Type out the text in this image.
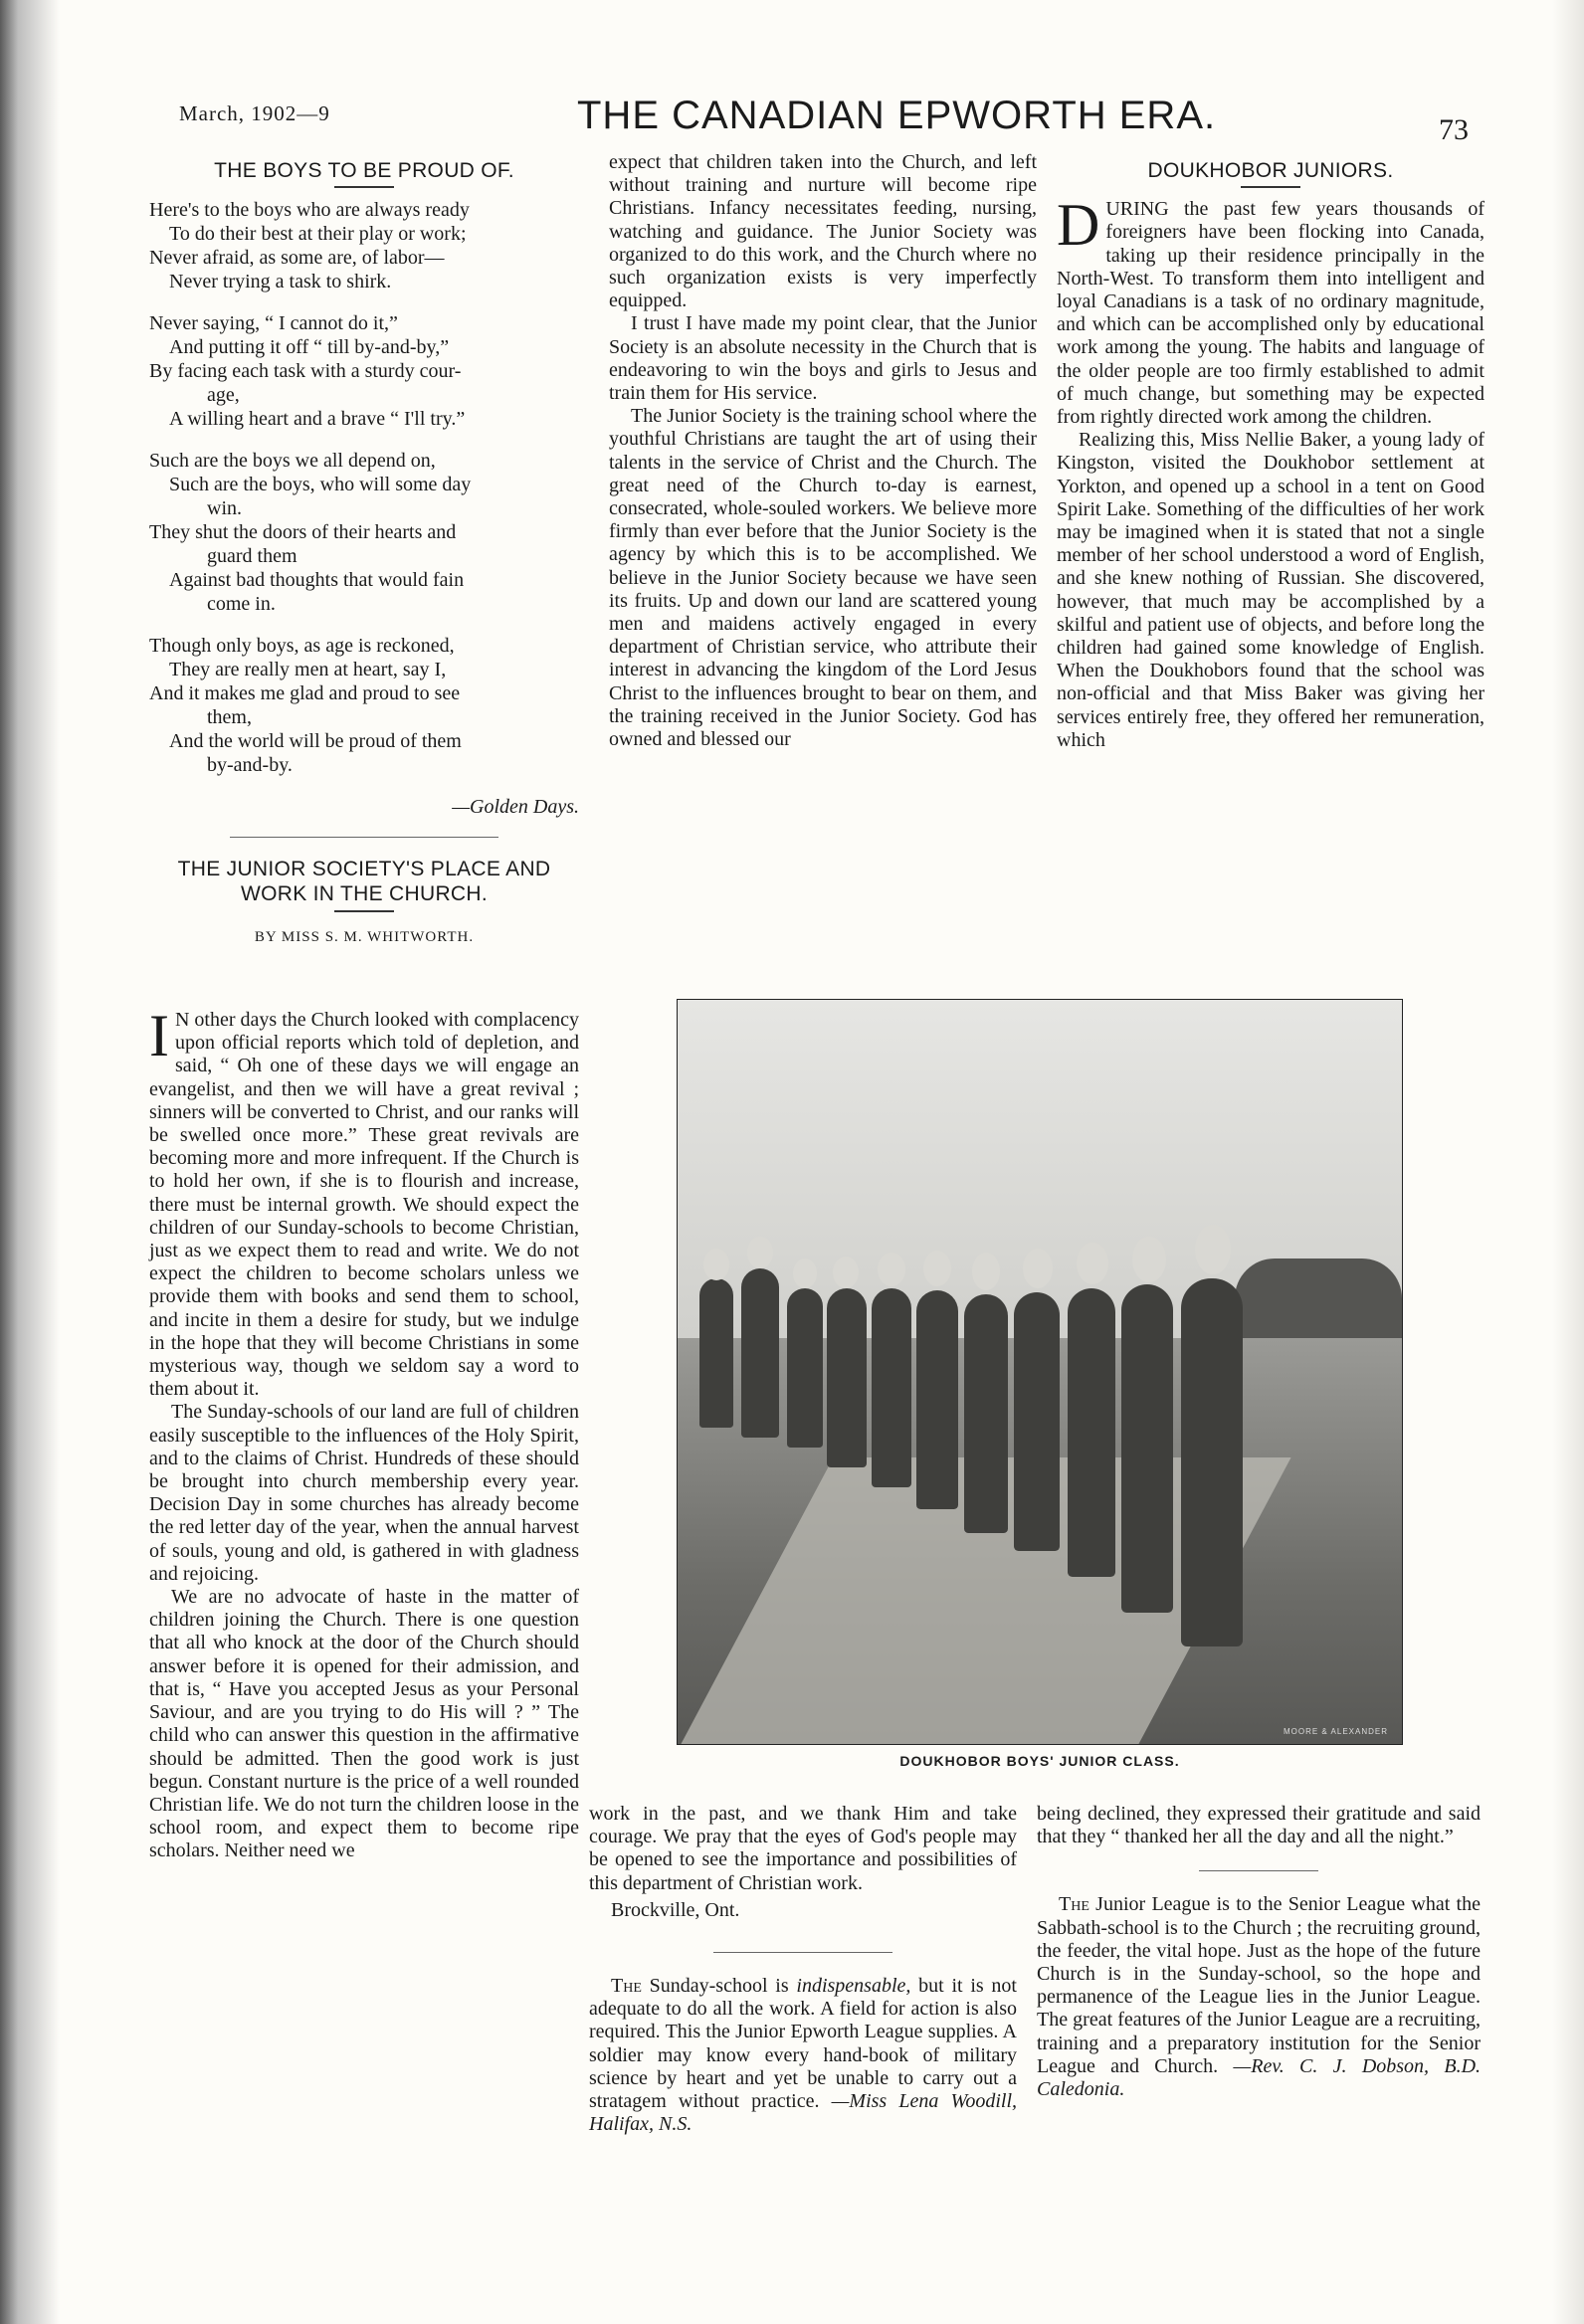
March, 1902—9	THE CANADIAN EPWORTH ERA.	73
THE BOYS TO BE PROUD OF.
Here's to the boys who are always ready
To do their best at their play or work;
Never afraid, as some are, of labor—
Never trying a task to shirk.
Never saying, “ I cannot do it,”
And putting it off “ till by-and-by,”
By facing each task with a sturdy cour-
age,
A willing heart and a brave “ I'll try.”
Such are the boys we all depend on,
Such are the boys, who will some day
win.
They shut the doors of their hearts and
guard them
Against bad thoughts that would fain
come in.
Though only boys, as age is reckoned,
They are really men at heart, say I,
And it makes me glad and proud to see
them,
And the world will be proud of them
by-and-by.
—Golden Days.
THE JUNIOR SOCIETY'S PLACE AND
WORK IN THE CHURCH.
BY MISS S. M. WHITWORTH.

I N other days the Church looked with complacency upon official reports which told of depletion, and said, “ Oh one of these days we will engage an evangelist, and then we will have a great revival ; sinners will be converted to Christ, and our ranks will be swelled once more.” These great revivals are becoming more and more infrequent. If the Church is to hold her own, if she is to flourish and increase, there must be internal growth. We should expect the children of our Sunday-schools to become Christian, just as we expect them to read and write. We do not expect the children to become scholars unless we provide them with books and send them to school, and incite in them a desire for study, but we indulge in the hope that they will become Christians in some mysterious way, though we seldom say a word to them about it.

The Sunday-schools of our land are full of children easily susceptible to the influences of the Holy Spirit, and to the claims of Christ. Hundreds of these should be brought into church membership every year. Decision Day in some churches has already become the red letter day of the year, when the annual harvest of souls, young and old, is gathered in with gladness and rejoicing.

We are no advocate of haste in the matter of children joining the Church. There is one question that all who knock at the door of the Church should answer before it is opened for their admission, and that is, “ Have you accepted Jesus as your Personal Saviour, and are you trying to do His will ? ” The child who can answer this question in the affirmative should be admitted. Then the good work is just begun. Constant nurture is the price of a well rounded Christian life. We do not turn the children loose in the school room, and expect them to become ripe scholars. Neither need we

expect that children taken into the Church, and left without training and nurture will become ripe Christians. Infancy necessitates feeding, nursing, watching and guidance. The Junior Society was organized to do this work, and the Church where no such organization exists is very imperfectly equipped.

I trust I have made my point clear, that the Junior Society is an absolute necessity in the Church that is endeavoring to win the boys and girls to Jesus and train them for His service.

The Junior Society is the training school where the youthful Christians are taught the art of using their talents in the service of Christ and the Church. The great need of the Church to-day is earnest, consecrated, whole-souled workers. We believe more firmly than ever before that the Junior Society is the agency by which this is to be accomplished. We believe in the Junior Society because we have seen its fruits. Up and down our land are scattered young men and maidens actively engaged in every department of Christian service, who attribute their interest in advancing the kingdom of the Lord Jesus Christ to the influences brought to bear on them, and the training received in the Junior Society. God has owned and blessed our

DOUKHOBOR JUNIORS.

DURING the past few years thousands of foreigners have been flocking into Canada, taking up their residence principally in the North-West. To transform them into intelligent and loyal Canadians is a task of no ordinary magnitude, and which can be accomplished only by educational work among the young. The habits and language of the older people are too firmly established to admit of much change, but something may be expected from rightly directed work among the children.

Realizing this, Miss Nellie Baker, a young lady of Kingston, visited the Doukhobor settlement at Yorkton, and opened up a school in a tent on Good Spirit Lake. Something of the difficulties of her work may be imagined when it is stated that not a single member of her school understood a word of English, and she knew nothing of Russian. She discovered, however, that much may be accomplished by a skilful and patient use of objects, and before long the children had gained some knowledge of English. When the Doukhobors found that the school was non-official and that Miss Baker was giving her services entirely free, they offered her remuneration, which

MOORE & ALEXANDER
DOUKHOBOR BOYS' JUNIOR CLASS.

work in the past, and we thank Him and take courage. We pray that the eyes of God's people may be opened to see the importance and possibilities of this department of Christian work.

Brockville, Ont.

The Sunday-school is indispensable, but it is not adequate to do all the work. A field for action is also required. This the Junior Epworth League supplies. A soldier may know every hand-book of military science by heart and yet be unable to carry out a stratagem without practice. —Miss Lena Woodill, Halifax, N.S.

being declined, they expressed their gratitude and said that they “ thanked her all the day and all the night.”

The Junior League is to the Senior League what the Sabbath-school is to the Church ; the recruiting ground, the feeder, the vital hope. Just as the hope of the future Church is in the Sunday-school, so the hope and permanence of the League lies in the Junior League. The great features of the Junior League are a recruiting, training and a preparatory institution for the Senior League and Church. —Rev. C. J. Dobson, B.D. Caledonia.
